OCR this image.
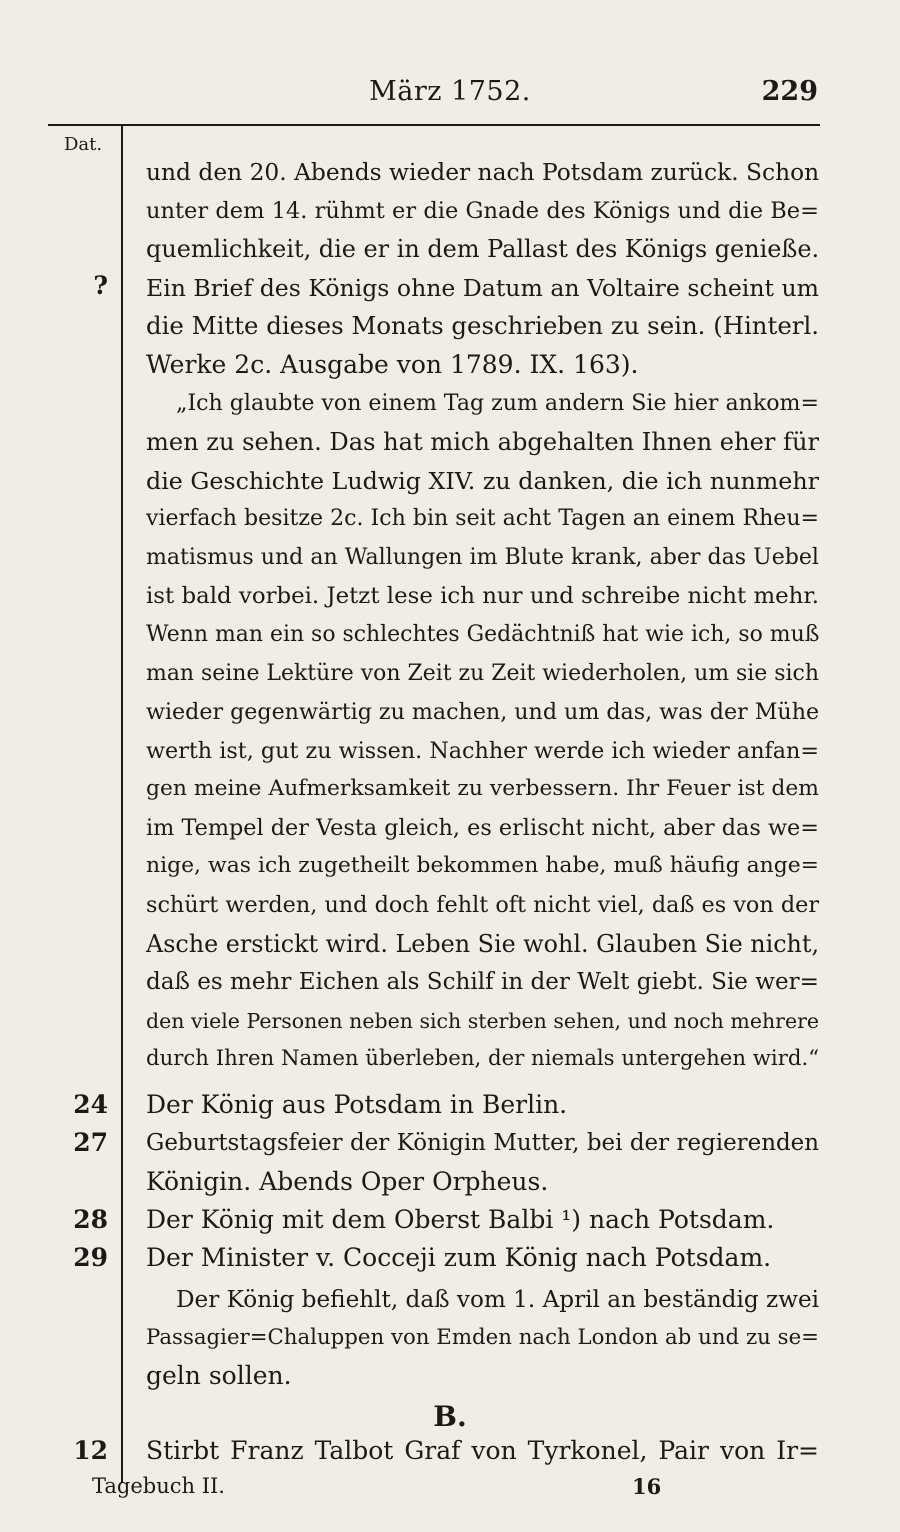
März 1752.	229
Dat.
?
24
27
28
29
12
und den 20. Abends wieder nach Potsdam zurück. Schon
unter dem 14. rühmt er die Gnade des Königs und die Be=
quemlichkeit, die er in dem Pallast des Königs genieße.
Ein Brief des Königs ohne Datum an Voltaire scheint um
die Mitte dieses Monats geschrieben zu sein. (Hinterl.
Werke 2c. Ausgabe von 1789. IX. 163).
„Ich glaubte von einem Tag zum andern Sie hier ankom=
men zu sehen. Das hat mich abgehalten Ihnen eher für
die Geschichte Ludwig XIV. zu danken, die ich nunmehr
vierfach besitze 2c. Ich bin seit acht Tagen an einem Rheu=
matismus und an Wallungen im Blute krank, aber das Uebel
ist bald vorbei. Jetzt lese ich nur und schreibe nicht mehr.
Wenn man ein so schlechtes Gedächtniß hat wie ich, so muß
man seine Lektüre von Zeit zu Zeit wiederholen, um sie sich
wieder gegenwärtig zu machen, und um das, was der Mühe
werth ist, gut zu wissen. Nachher werde ich wieder anfan=
gen meine Aufmerksamkeit zu verbessern. Ihr Feuer ist dem
im Tempel der Vesta gleich, es erlischt nicht, aber das we=
nige, was ich zugetheilt bekommen habe, muß häufig ange=
schürt werden, und doch fehlt oft nicht viel, daß es von der
Asche erstickt wird. Leben Sie wohl. Glauben Sie nicht,
daß es mehr Eichen als Schilf in der Welt giebt. Sie wer=
den viele Personen neben sich sterben sehen, und noch mehrere
durch Ihren Namen überleben, der niemals untergehen wird.“
Der König aus Potsdam in Berlin.
Geburtstagsfeier der Königin Mutter, bei der regierenden
Königin. Abends Oper Orpheus.
Der König mit dem Oberst Balbi ¹) nach Potsdam.
Der Minister v. Cocceji zum König nach Potsdam.
Der König befiehlt, daß vom 1. April an beständig zwei
Passagier=Chaluppen von Emden nach London ab und zu se=
geln sollen.
B.
Stirbt Franz Talbot Graf von Tyrkonel, Pair von Ir=
Tagebuch II.	16
